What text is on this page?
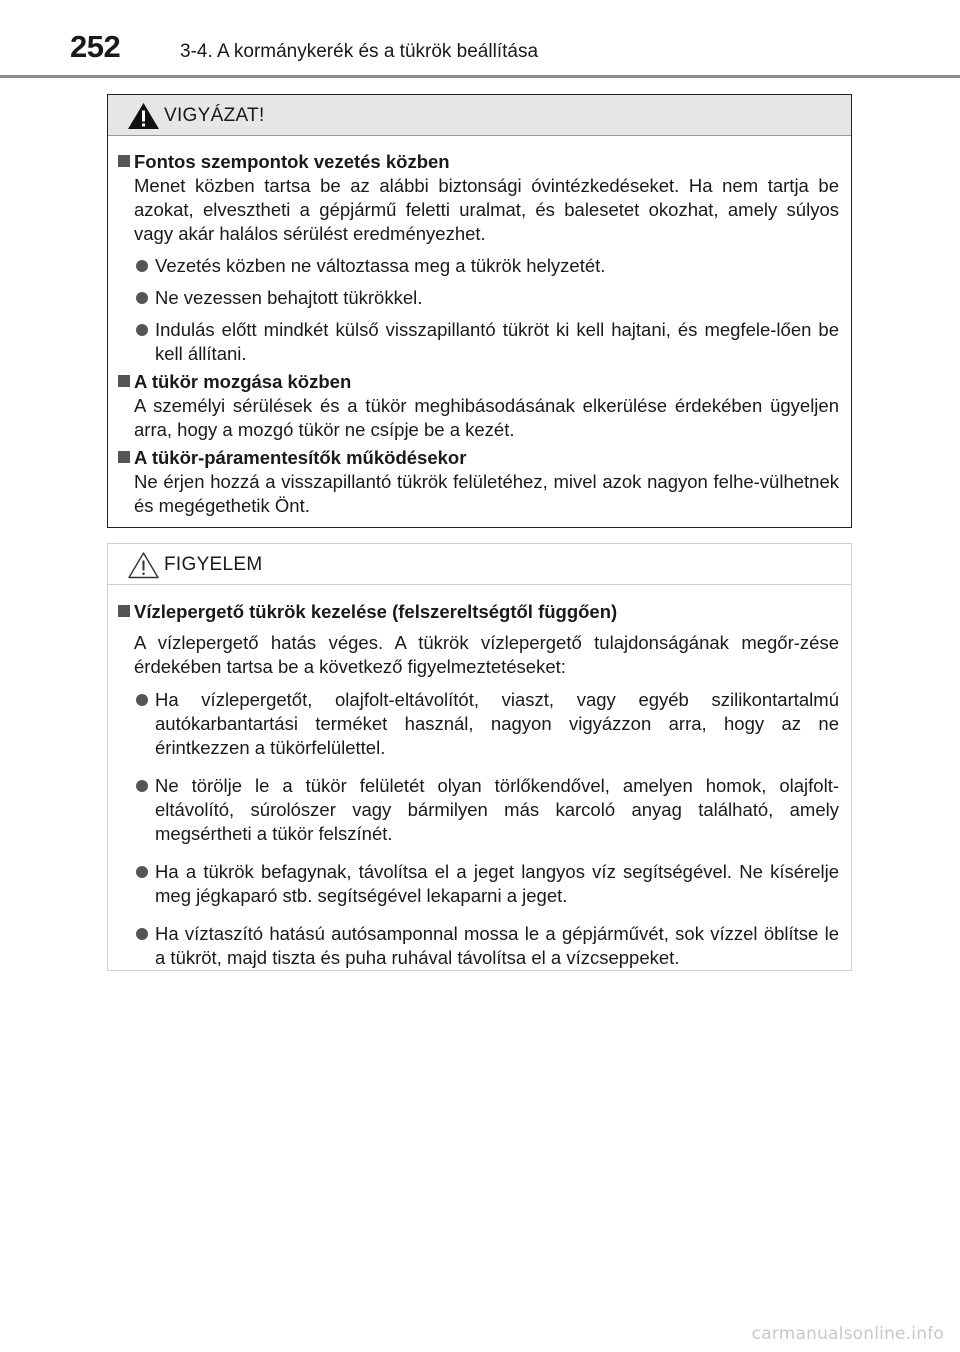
252	3-4. A kormánykerék és a tükrök beállítása
VIGYÁZAT!
Fontos szempontok vezetés közben
Menet közben tartsa be az alábbi biztonsági óvintézkedéseket. Ha nem tartja be azokat, elvesztheti a gépjármű feletti uralmat, és balesetet okozhat, amely súlyos vagy akár halálos sérülést eredményezhet.
Vezetés közben ne változtassa meg a tükrök helyzetét.
Ne vezessen behajtott tükrökkel.
Indulás előtt mindkét külső visszapillantó tükröt ki kell hajtani, és megfele-lően be kell állítani.
A tükör mozgása közben
A személyi sérülések és a tükör meghibásodásának elkerülése érdekében ügyeljen arra, hogy a mozgó tükör ne csípje be a kezét.
A tükör-páramentesítők működésekor
Ne érjen hozzá a visszapillantó tükrök felületéhez, mivel azok nagyon felhe-vülhetnek és megégethetik Önt.
FIGYELEM
Vízlepergető tükrök kezelése (felszereltségtől függően)
A vízlepergető hatás véges. A tükrök vízlepergető tulajdonságának megőr-zése érdekében tartsa be a következő figyelmeztetéseket:
Ha vízlepergetőt, olajfolt-eltávolítót, viaszt, vagy egyéb szilikontartalmú autókarbantartási terméket használ, nagyon vigyázzon arra, hogy az ne érintkezzen a tükörfelülettel.
Ne törölje le a tükör felületét olyan törlőkendővel, amelyen homok, olajfolt-eltávolító, súrolószer vagy bármilyen más karcoló anyag található, amely megsértheti a tükör felszínét.
Ha a tükrök befagynak, távolítsa el a jeget langyos víz segítségével. Ne kísérelje meg jégkaparó stb. segítségével lekaparni a jeget.
Ha víztaszító hatású autósamponnal mossa le a gépjárművét, sok vízzel öblítse le a tükröt, majd tiszta és puha ruhával távolítsa el a vízcseppeket.
carmanualsonline.info
